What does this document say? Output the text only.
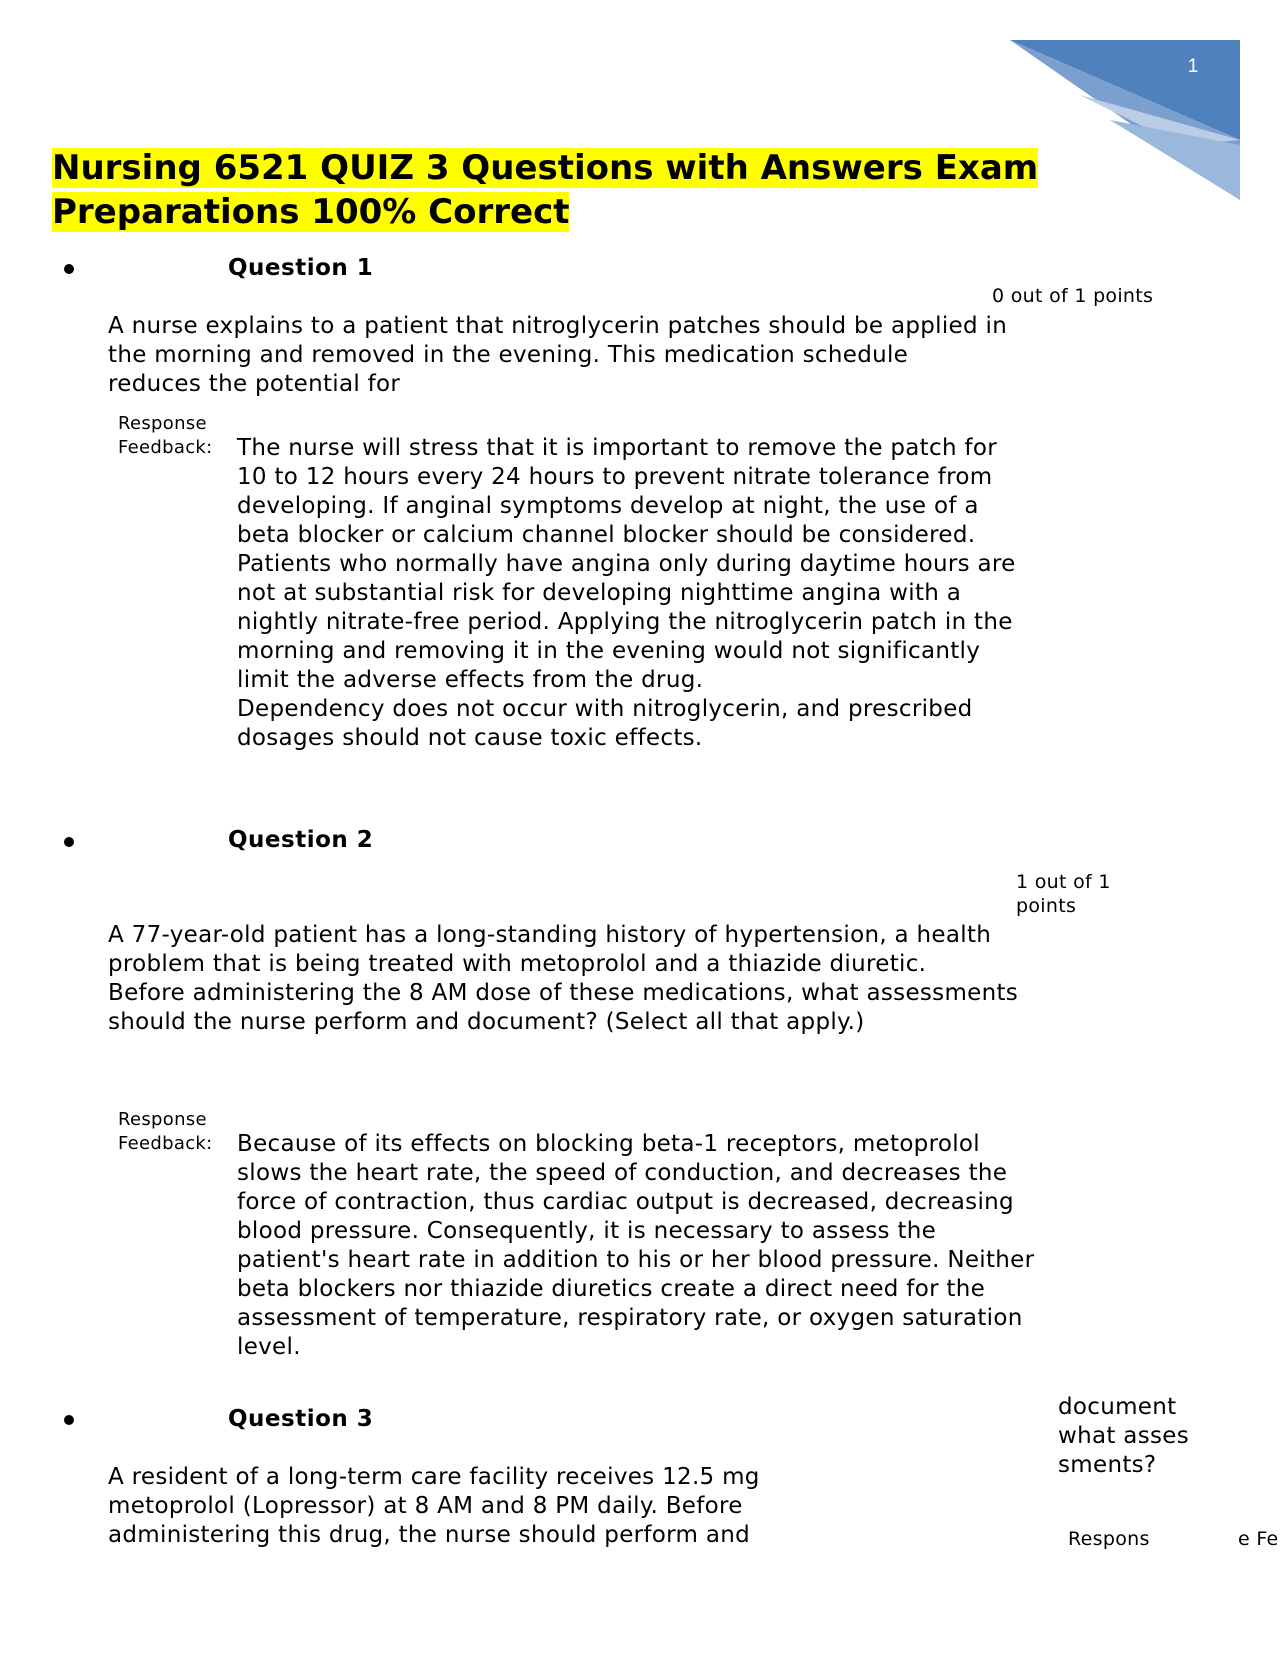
1
Nursing 6521 QUIZ 3 Questions with Answers Exam Preparations 100% Correct
Question 1
0 out of 1 points

A nurse explains to a patient that nitroglycerin patches should be applied in the morning and removed in the evening. This medication schedule reduces the potential for

Response Feedback: The nurse will stress that it is important to remove the patch for 10 to 12 hours every 24 hours to prevent nitrate tolerance from developing. If anginal symptoms develop at night, the use of a beta blocker or calcium channel blocker should be considered.

Patients who normally have angina only during daytime hours are not at substantial risk for developing nighttime angina with a nightly nitrate-free period. Applying the nitroglycerin patch in the morning and removing it in the evening would not significantly limit the adverse effects from the drug.

Dependency does not occur with nitroglycerin, and prescribed dosages should not cause toxic effects.

Question 2
1 out of 1 points

A 77-year-old patient has a long-standing history of hypertension, a health problem that is being treated with metoprolol and a thiazide diuretic.

Before administering the 8 AM dose of these medications, what assessments should the nurse perform and document? (Select all that apply.)

Response Feedback: Because of its effects on blocking beta-1 receptors, metoprolol slows the heart rate, the speed of conduction, and decreases the force of contraction, thus cardiac output is decreased, decreasing blood pressure. Consequently, it is necessary to assess the patient's heart rate in addition to his or her blood pressure. Neither beta blockers nor thiazide diuretics create a direct need for the assessment of temperature, respiratory rate, or oxygen saturation level.

Question 3

A resident of a long-term care facility receives 12.5 mg metoprolol (Lopressor) at 8 AM and 8 PM daily. Before administering this drug, the nurse should perform and

document what assessments?
Respons	e Fe
